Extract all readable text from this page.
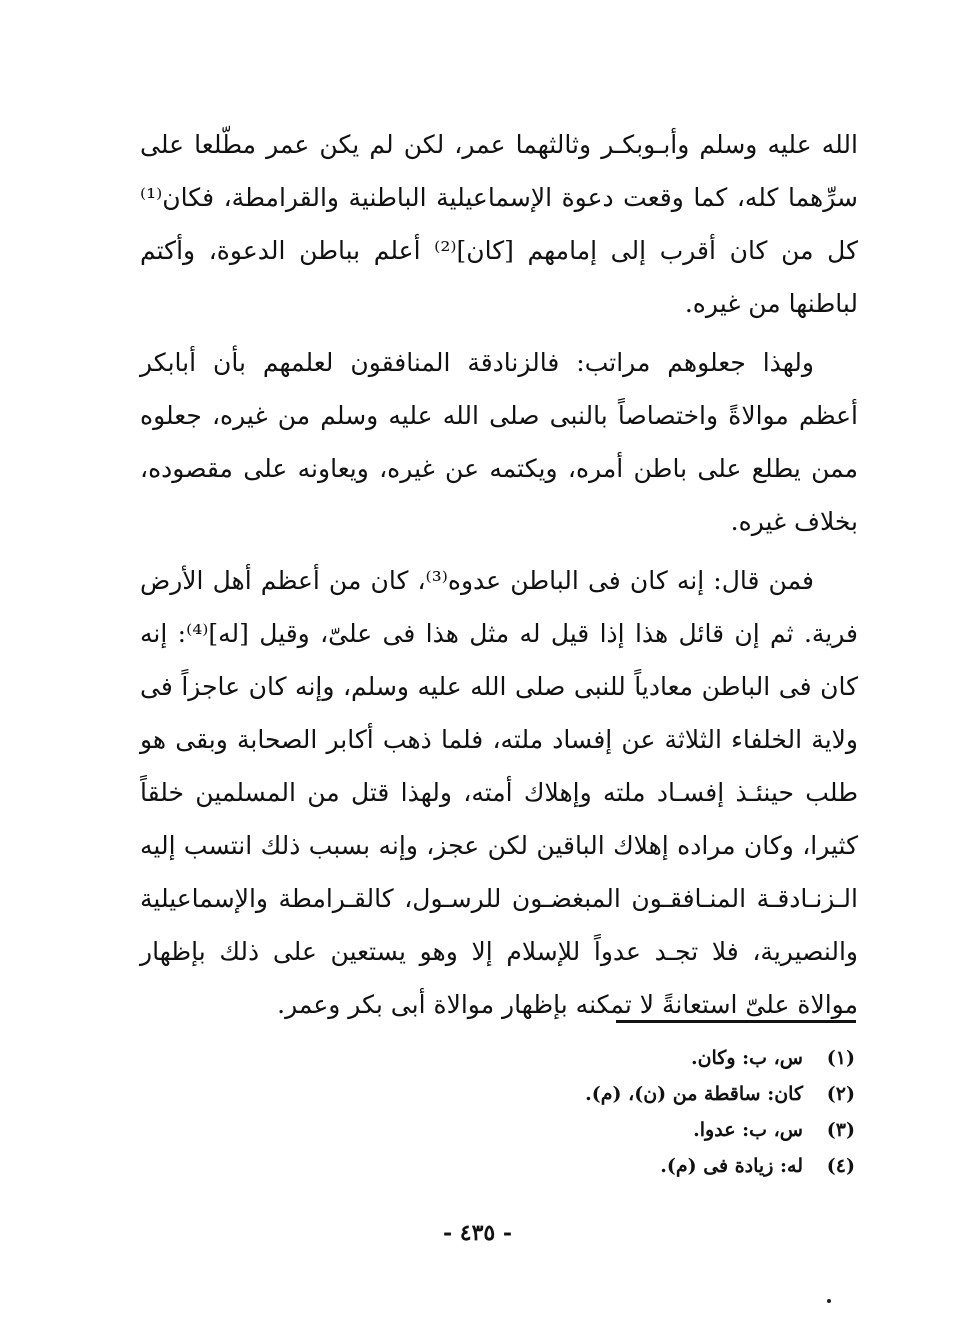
الله عليه وسلم وأبـوبكـر وثالثهما عمر، لكن لم يكن عمر مطّلعا على سرِّهما كله، كما وقعت دعوة الإسماعيلية الباطنية والقرامطة، فكان⁽¹⁾ كل من كان أقرب إلى إمامهم [كان]⁽²⁾ أعلم بباطن الدعوة، وأكتم لباطنها من غيره.

ولهذا جعلوهم مراتب: فالزنادقة المنافقون لعلمهم بأن أبابكر أعظم موالاةً واختصاصاً بالنبى صلى الله عليه وسلم من غيره، جعلوه ممن يطلع على باطن أمره، ويكتمه عن غيره، ويعاونه على مقصوده، بخلاف غيره.

فمن قال: إنه كان فى الباطن عدوه⁽³⁾، كان من أعظم أهل الأرض فرية. ثم إن قائل هذا إذا قيل له مثل هذا فى علىّ، وقيل [له]⁽⁴⁾: إنه كان فى الباطن معادياً للنبى صلى الله عليه وسلم، وإنه كان عاجزاً فى ولاية الخلفاء الثلاثة عن إفساد ملته، فلما ذهب أكابر الصحابة وبقى هو طلب حينئـذ إفسـاد ملته وإهلاك أمته، ولهذا قتل من المسلمين خلقاً كثيرا، وكان مراده إهلاك الباقين لكن عجز، وإنه بسبب ذلك انتسب إليه الـزنـادقـة المنـافقـون المبغضـون للرسـول، كالقـرامطة والإسماعيلية والنصيرية، فلا تجـد عدواً للإسلام إلا وهو يستعين على ذلك بإظهار موالاة علىّ استعانةً لا تمكنه بإظهار موالاة أبى بكر وعمر.

(١)
س، ب: وكان.
(٢)
كان: ساقطة من (ن)، (م).
(٣)
س، ب: عدوا.
(٤)
له: زيادة فى (م).
- ٤٣٥ -
